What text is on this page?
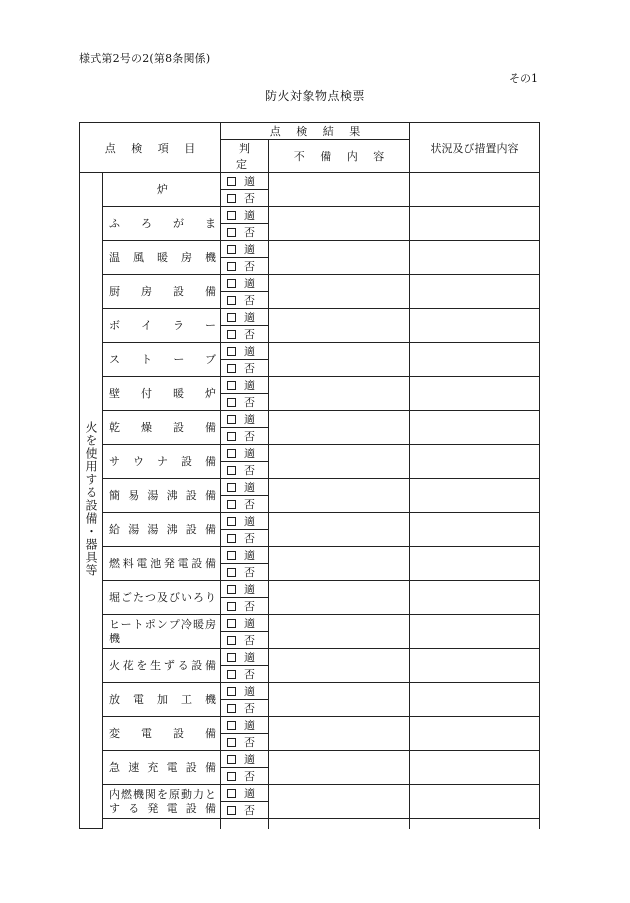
様式第2号の2(第8条関係)
その1
防火対象物点検票
点 検 項 目		点 検 結 果		状況及び措置内容
		判 定	不 備 内 容	
火を使用する設備・器具等	炉	適		
		否		

	ふろがま	適		
		否		

	温風暖房機	適		
		否		

	厨房設備	適		
		否		

	ボイラー	適		
		否		

	ストーブ	適		
		否		

	壁付暖炉	適		
		否		

	乾燥設備	適		
		否		

	サウナ設備	適		
		否		

	簡易湯沸設備	適		
		否		

	給湯湯沸設備	適		
		否		

	燃料電池発電設備	適		
		否		

	堀ごたつ及びいろり	適		
		否		

	ヒートポンプ冷暖房機	適		
		否		

	火花を生ずる設備	適		
		否		

	放電加工機	適		
		否		

	変電設備	適		
		否		

	急速充電設備	適		
		否		

	内燃機関を原動力とする発電設備	適		
		否		
